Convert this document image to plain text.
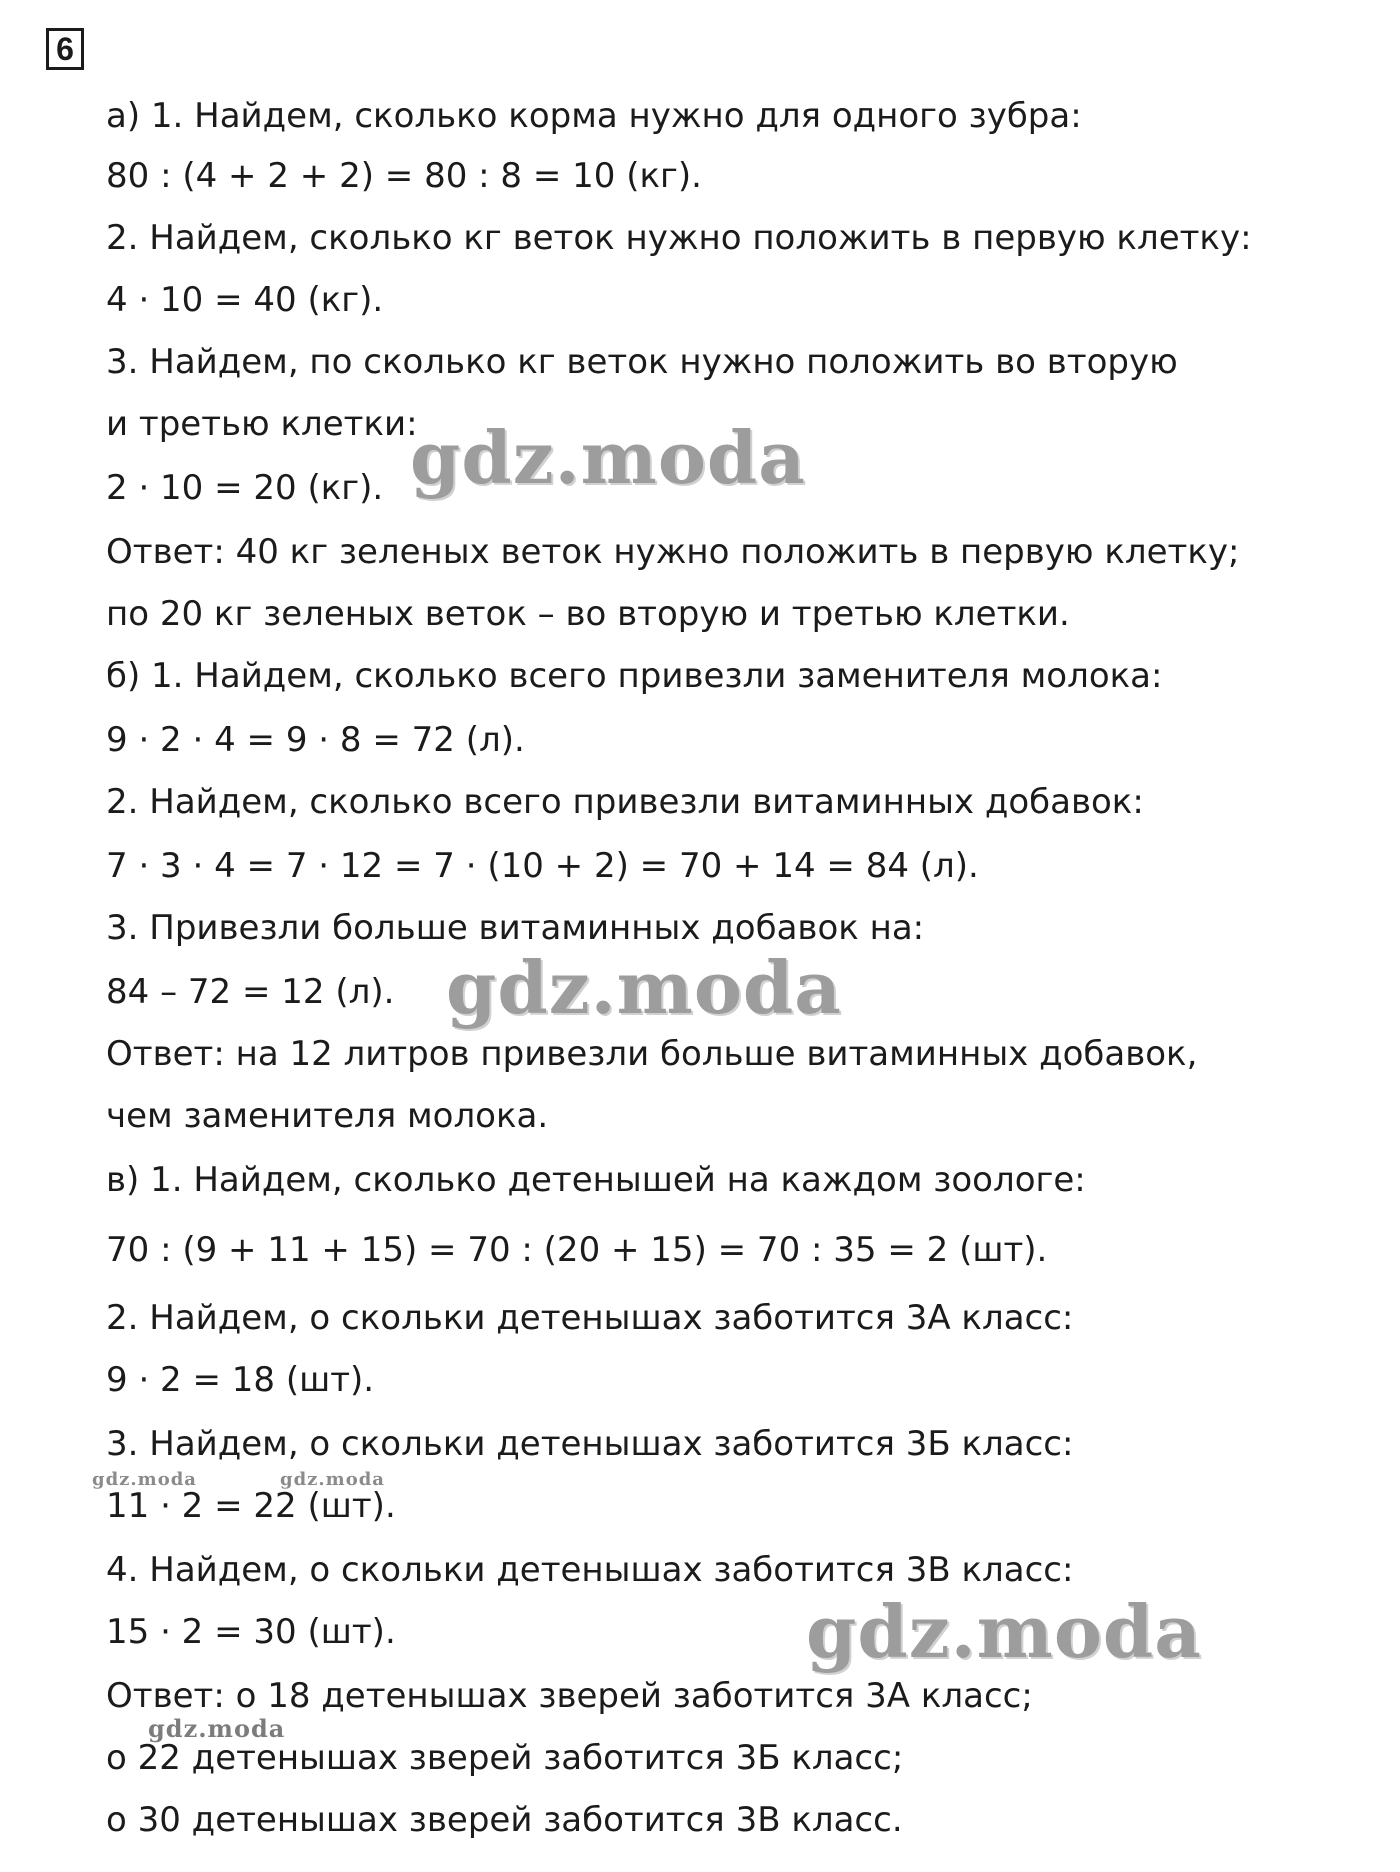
6
а) 1. Найдем, сколько корма нужно для одного зубра:
80 : (4 + 2 + 2) = 80 : 8 = 10 (кг).
2. Найдем, сколько кг веток нужно положить в первую клетку:
4 · 10 = 40 (кг).
3. Найдем, по сколько кг веток нужно положить во вторую
и третью клетки:
2 · 10 = 20 (кг).
Ответ: 40 кг зеленых веток нужно положить в первую клетку;
по 20 кг зеленых веток – во вторую и третью клетки.
б) 1. Найдем, сколько всего привезли заменителя молока:
9 · 2 · 4 = 9 · 8 = 72 (л).
2. Найдем, сколько всего привезли витаминных добавок:
7 · 3 · 4 = 7 · 12 = 7 · (10 + 2) = 70 + 14 = 84 (л).
3. Привезли больше витаминных добавок на:
84 – 72 = 12 (л).
Ответ: на 12 литров привезли больше витаминных добавок,
чем заменителя молока.
в) 1. Найдем, сколько детенышей на каждом зоологе:
70 : (9 + 11 + 15) = 70 : (20 + 15) = 70 : 35 = 2 (шт).
2. Найдем, о скольки детенышах заботится 3А класс:
9 · 2 = 18 (шт).
3. Найдем, о скольки детенышах заботится 3Б класс:
11 · 2 = 22 (шт).
4. Найдем, о скольки детенышах заботится 3В класс:
15 · 2 = 30 (шт).
Ответ: о 18 детенышах зверей заботится 3А класс;
о 22 детенышах зверей заботится 3Б класс;
о 30 детенышах зверей заботится 3В класс.
gdz.moda
gdz.moda
gdz.moda
gdz.moda	gdz.moda
gdz.moda
